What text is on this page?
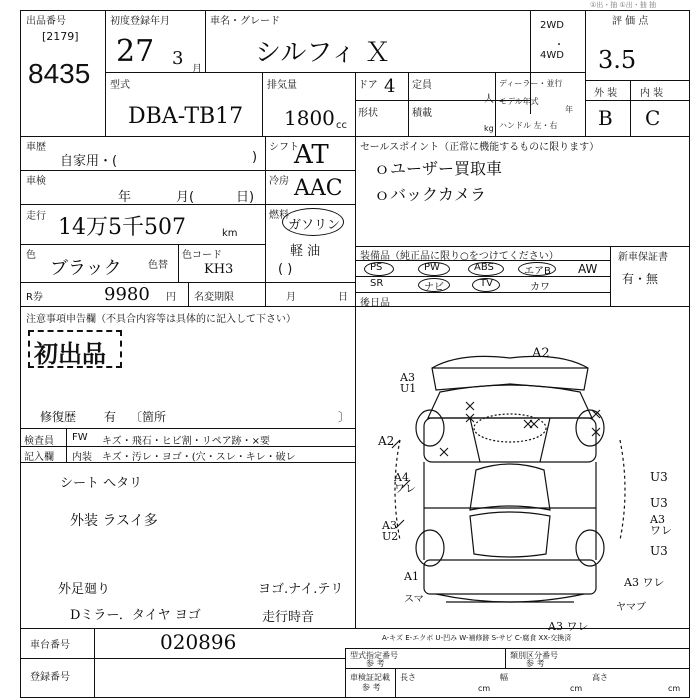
①出・抽 ①出・抽 抽
出品番号
[2179]
8435
初度登録年月
27 3
月
車名・グレード
シルフィ Ｘ
2WD
・
4WD
評 価 点
3.5
外 装 内 装
B C
型式
DBA-TB17
排気量
1800 cc
ドア 4 定員
人
ディーラー・並行
モデル年式
年
形状	積載
kg ハンドル 左・右
車歴
自家用・(	)
シフト
AT
車検
年	月(	日)
冷房 AAC
走行 14万5千507	km
燃料
ガソリン
軽 油
( )
色
ブラック	色替
色コード
KH3
R券	9980 円 名変期限	月	日
セールスポイント（正常に機能するものに限ります）
ｏユーザー買取車
ｏバックカメラ
装備品（純正品に限り○をつけてください）	新車保証書
有・無
PS	PW	ABS	エアB AW
SR	ナビ	TV	カワ
後日品
注意事項申告欄（不具合内容等は具体的に記入して下さい）
初出品
修復歴 有 〔箇所	〕
検査員
記入欄
FW キズ・飛石・ヒビ割・リペア跡・×要
内装 キズ・汚レ・ヨゴ・(穴・スレ・キレ・破レ
シート へタリ
外装 ラスイ多
外足廻り	ヨゴ.ナイ.テリ
Dミラー．タイヤ ヨゴ	走行時音
A2
A3
U1
A2
A4
ワレ
A3
U2
U3
U3
A3
ワレ
U3
A3 ワレ
A3 ワレ
スマ
ヤマブ
A1
A-キズ E-エクボ U-凹み W-補修跡 S-サビ C-腐食 XX-交換済
車台番号	020896
登録番号
型式指定番号
参 考
類別区分番号
参 考
車検証記載
参 考
長さ
cm
幅
cm
高さ
cm
